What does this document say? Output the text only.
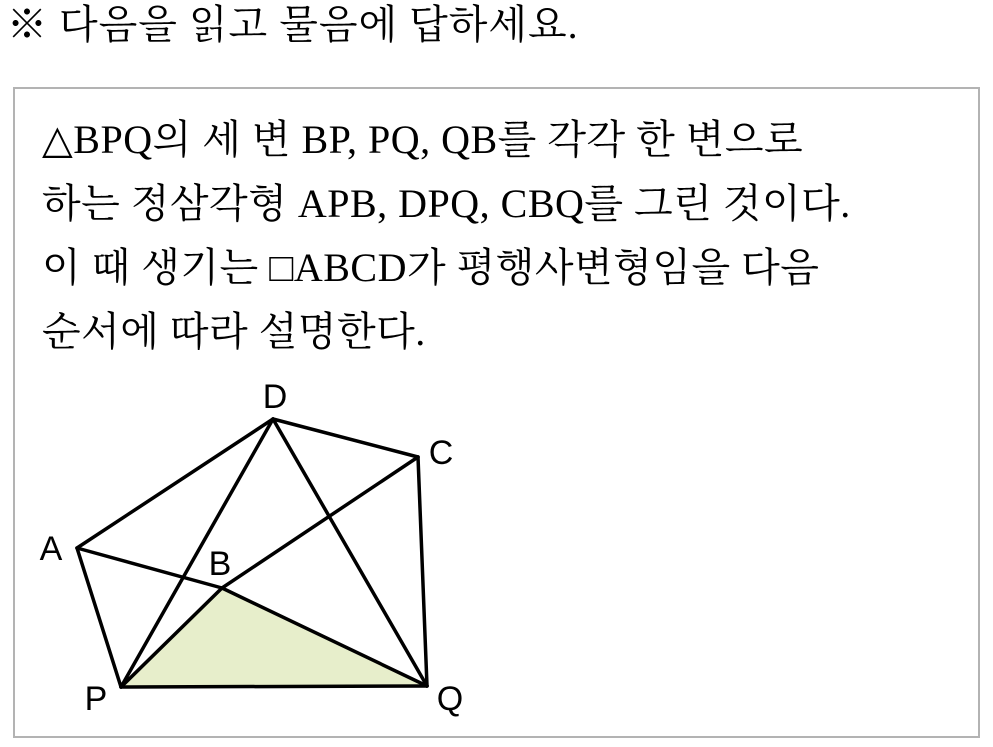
※ 다음을 읽고 물음에 답하세요.
△BPQ의 세 변 BP, PQ, QB를 각각 한 변으로
하는 정삼각형 APB, DPQ, CBQ를 그린 것이다.
이 때 생기는 □ABCD가 평행사변형임을 다음
순서에 따라 설명한다.
A	B
C
D
P	Q
